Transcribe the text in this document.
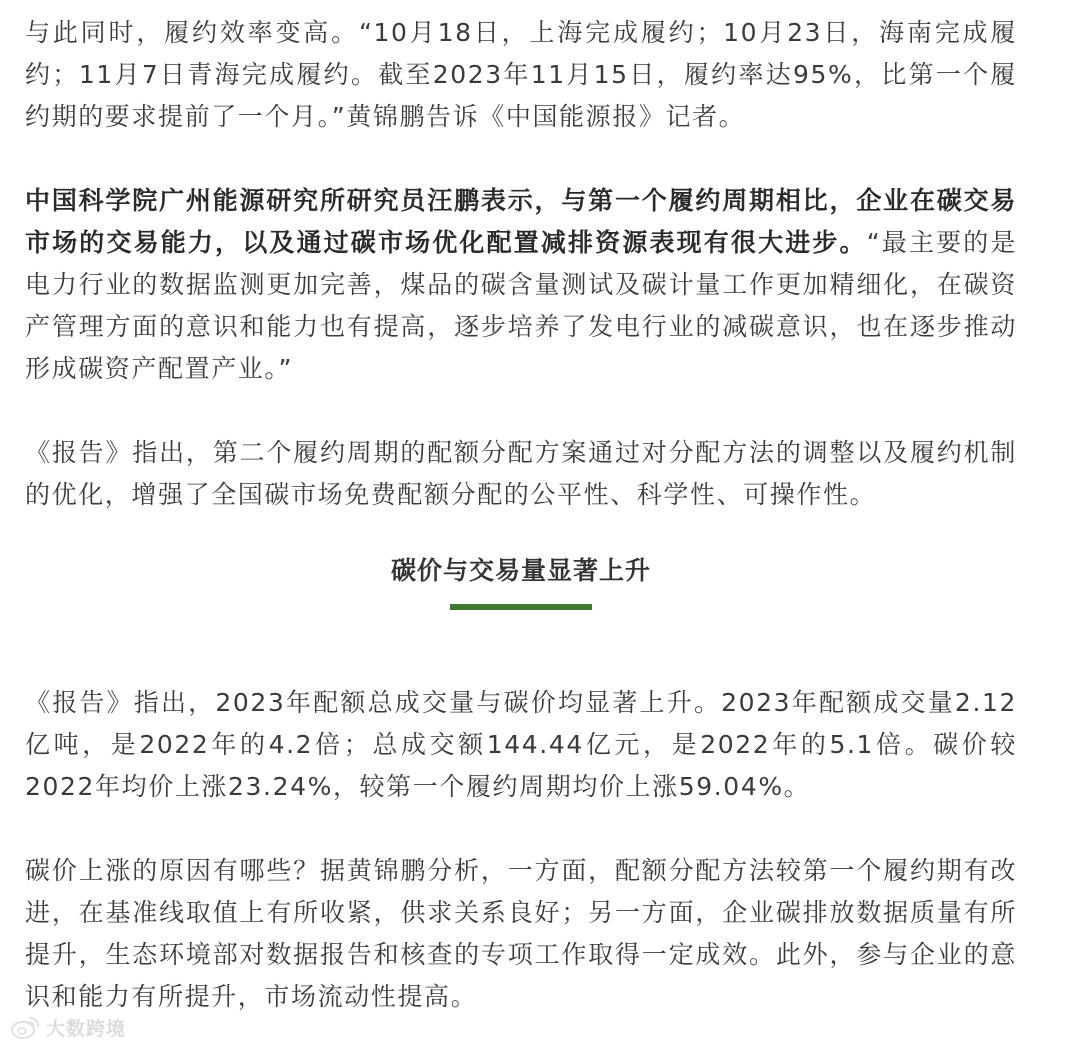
与此同时，履约效率变高。“10月18日，上海完成履约；10月23日，海南完成履约；11月7日青海完成履约。截至2023年11月15日，履约率达95%，比第一个履约期的要求提前了一个月。”黄锦鹏告诉《中国能源报》记者。

中国科学院广州能源研究所研究员汪鹏表示，与第一个履约周期相比，企业在碳交易市场的交易能力，以及通过碳市场优化配置减排资源表现有很大进步。“最主要的是电力行业的数据监测更加完善，煤品的碳含量测试及碳计量工作更加精细化，在碳资产管理方面的意识和能力也有提高，逐步培养了发电行业的减碳意识，也在逐步推动形成碳资产配置产业。”

《报告》指出，第二个履约周期的配额分配方案通过对分配方法的调整以及履约机制的优化，增强了全国碳市场免费配额分配的公平性、科学性、可操作性。

碳价与交易量显著上升

《报告》指出，2023年配额总成交量与碳价均显著上升。2023年配额成交量2.12亿吨，是2022年的4.2倍；总成交额144.44亿元，是2022年的5.1倍。碳价较2022年均价上涨23.24%，较第一个履约周期均价上涨59.04%。

碳价上涨的原因有哪些？据黄锦鹏分析，一方面，配额分配方法较第一个履约期有改进，在基准线取值上有所收紧，供求关系良好；另一方面，企业碳排放数据质量有所提升，生态环境部对数据报告和核查的专项工作取得一定成效。此外，参与企业的意识和能力有所提升，市场流动性提高。

大数跨境
